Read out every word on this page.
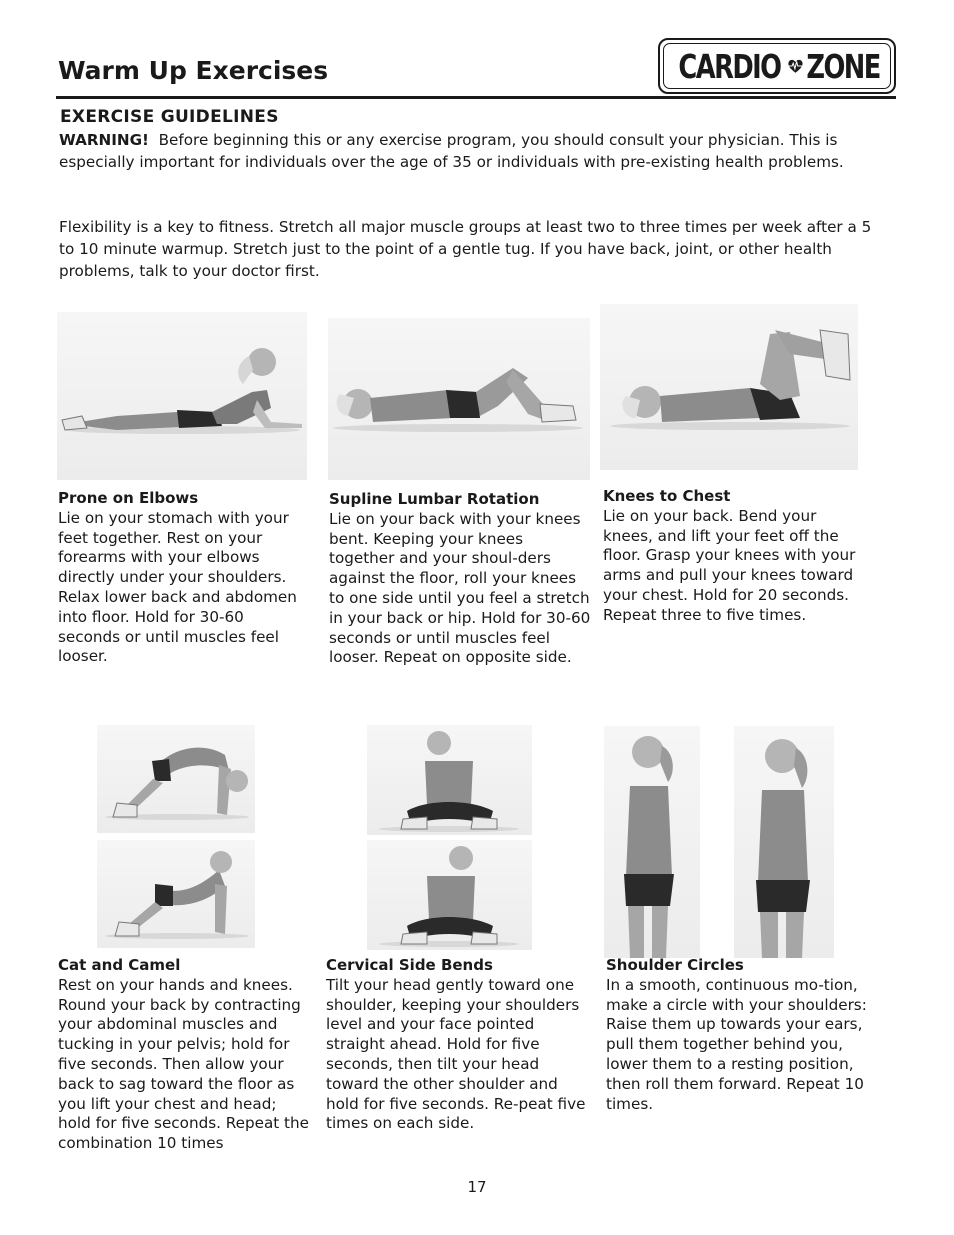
Warm Up Exercises	CARDIO ZONE
EXERCISE GUIDELINES

WARNING! Before beginning this or any exercise program, you should consult your physician. This is especially important for individuals over the age of 35 or individuals with pre-existing health problems.

Flexibility is a key to fitness. Stretch all major muscle groups at least two to three times per week after a 5 to 10 minute warmup. Stretch just to the point of a gentle tug. If you have back, joint, or other health problems, talk to your doctor first.

Prone on Elbows
Lie on your stomach with your feet together. Rest on your forearms with your elbows directly under your shoulders. Relax lower back and abdomen into floor. Hold for 30-60 seconds or until muscles feel looser.

Supline Lumbar Rotation
Lie on your back with your knees bent. Keeping your knees together and your shoul-ders against the floor, roll your knees to one side until you feel a stretch in your back or hip. Hold for 30-60 seconds or until muscles feel looser. Repeat on opposite side.

Knees to Chest
Lie on your back. Bend your knees, and lift your feet off the floor. Grasp your knees with your arms and pull your knees toward your chest. Hold for 20 seconds. Repeat three to five times.

Cat and Camel
Rest on your hands and knees. Round your back by contracting your abdominal muscles and tucking in your pelvis; hold for five seconds. Then allow your back to sag toward the floor as you lift your chest and head; hold for five seconds. Repeat the combination 10 times

Cervical Side Bends
Tilt your head gently toward one shoulder, keeping your shoulders level and your face pointed straight ahead. Hold for five seconds, then tilt your head toward the other shoulder and hold for five seconds. Re-peat five times on each side.

Shoulder Circles
In a smooth, continuous mo-tion, make a circle with your shoulders: Raise them up towards your ears, pull them together behind you, lower them to a resting position, then roll them forward. Repeat 10 times.

17
